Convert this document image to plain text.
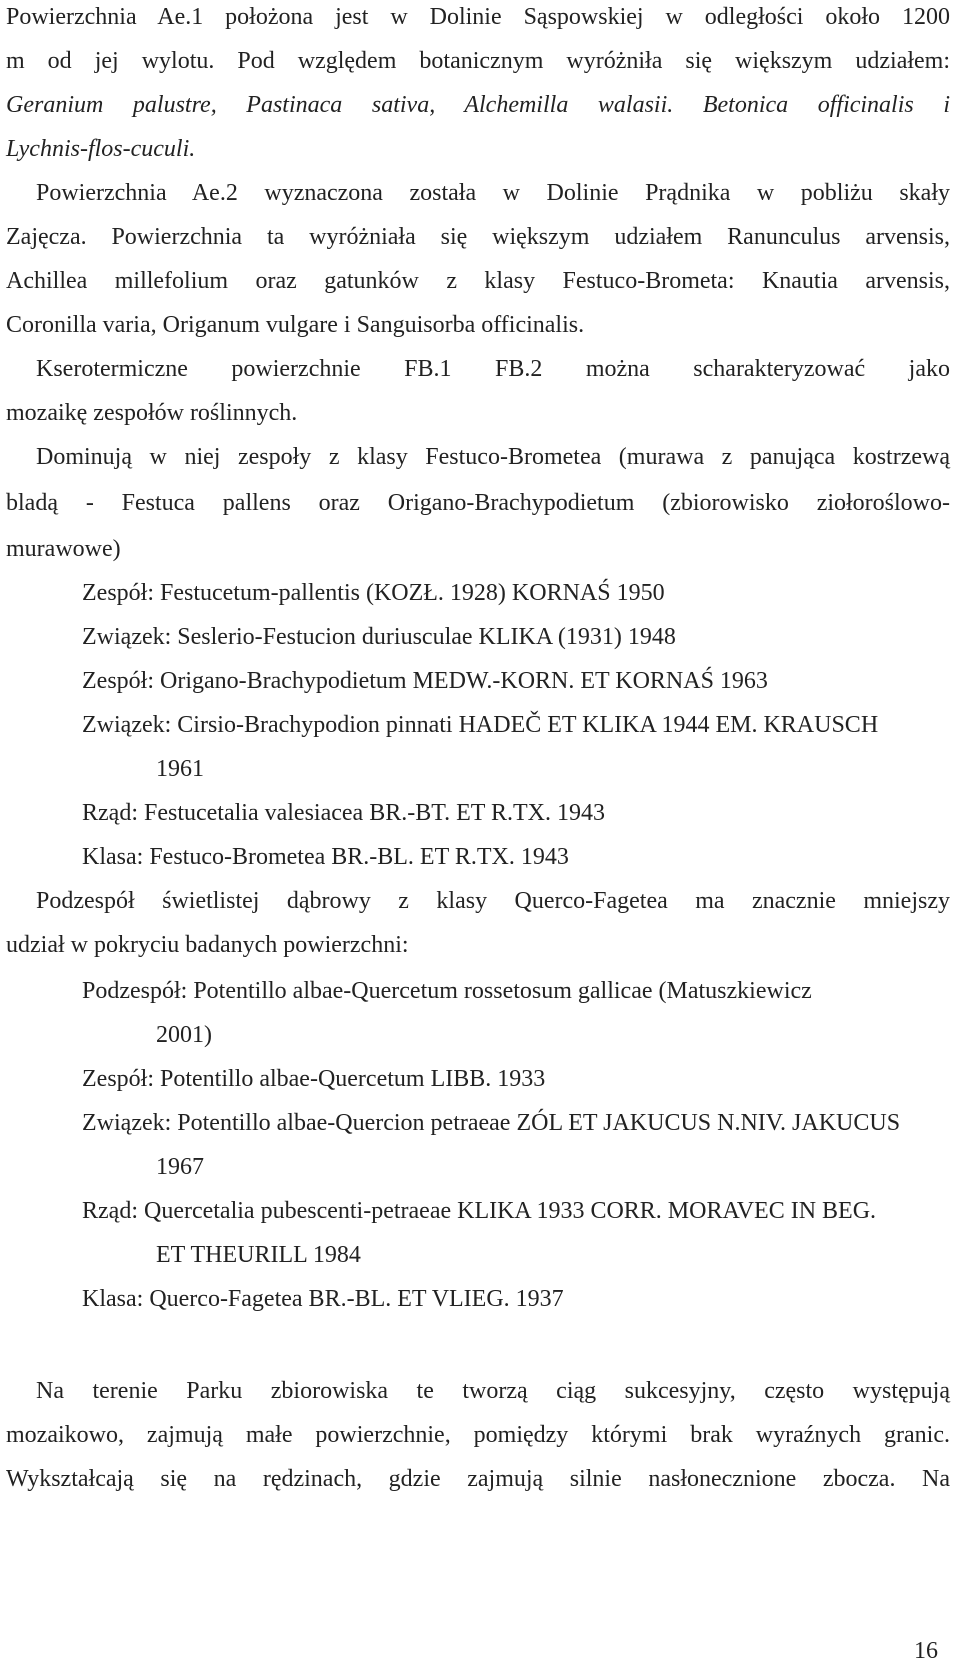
Powierzchnia Ae.1 położona jest w Dolinie Sąspowskiej w odległości około 1200
m od jej wylotu. Pod względem botanicznym wyróżniła się większym udziałem:
Geranium palustre, Pastinaca sativa, Alchemilla walasii. Betonica officinalis i
Lychnis-flos-cuculi.
Powierzchnia Ae.2 wyznaczona została w Dolinie Prądnika w pobliżu skały
Zajęcza. Powierzchnia ta wyróżniała się większym udziałem Ranunculus arvensis,
Achillea millefolium oraz gatunków z klasy Festuco-Brometa: Knautia arvensis,
Coronilla varia, Origanum vulgare i Sanguisorba officinalis.
Kserotermiczne powierzchnie FB.1 FB.2 można scharakteryzować jako
mozaikę zespołów roślinnych.
Dominują w niej zespoły z klasy Festuco-Brometea (murawa z panująca kostrzewą
bladą - Festuca pallens oraz Origano-Brachypodietum (zbiorowisko ziołoroślowo-
murawowe)
Zespół: Festucetum-pallentis (KOZŁ. 1928) KORNAŚ 1950
Związek: Seslerio-Festucion duriusculae KLIKA (1931) 1948
Zespół: Origano-Brachypodietum MEDW.-KORN. ET KORNAŚ 1963
Związek: Cirsio-Brachypodion pinnati HADEČ ET KLIKA 1944 EM. KRAUSCH
1961
Rząd: Festucetalia valesiacea BR.-BT. ET R.TX. 1943
Klasa: Festuco-Brometea BR.-BL. ET R.TX. 1943
Podzespół świetlistej dąbrowy z klasy Querco-Fagetea ma znacznie mniejszy
udział w pokryciu badanych powierzchni:
Podzespół: Potentillo albae-Quercetum rossetosum gallicae (Matuszkiewicz
2001)
Zespół: Potentillo albae-Quercetum LIBB. 1933
Związek: Potentillo albae-Quercion petraeae ZÓL ET JAKUCUS N.NIV. JAKUCUS
1967
Rząd: Quercetalia pubescenti-petraeae KLIKA 1933 CORR. MORAVEC IN BEG.
ET THEURILL 1984
Klasa: Querco-Fagetea BR.-BL. ET VLIEG. 1937
Na terenie Parku zbiorowiska te tworzą ciąg sukcesyjny, często występują
mozaikowo, zajmują małe powierzchnie, pomiędzy którymi brak wyraźnych granic.
Wykształcają się na rędzinach, gdzie zajmują silnie nasłonecznione zbocza. Na
16
